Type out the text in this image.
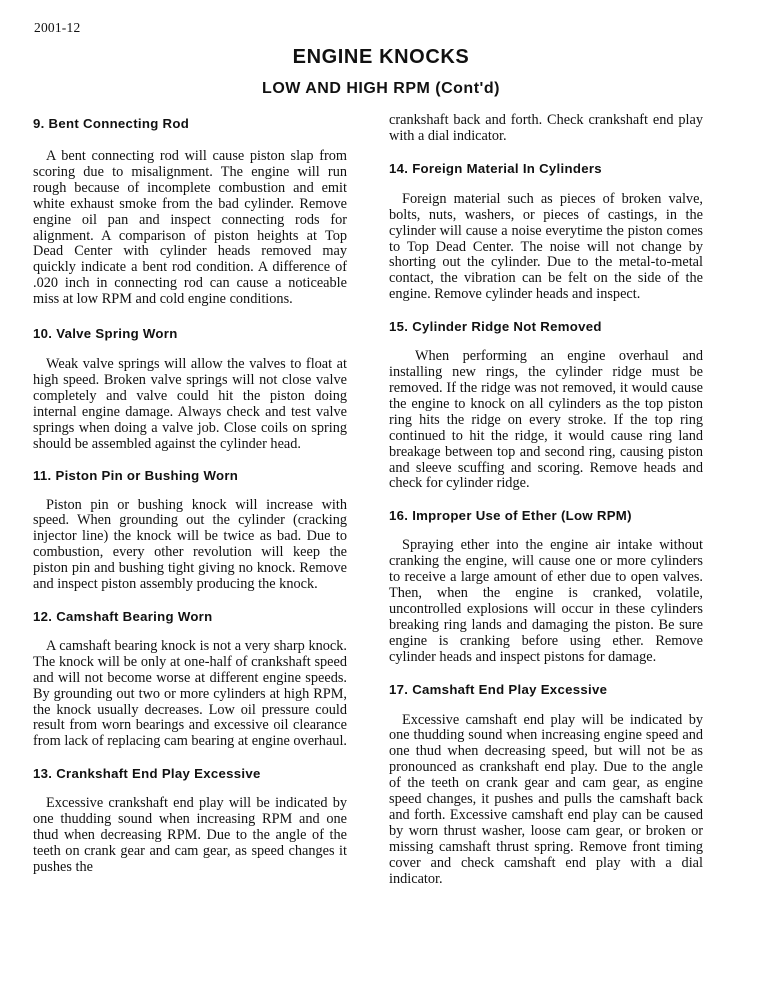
2001-12
ENGINE KNOCKS
LOW AND HIGH RPM (Cont'd)
9. Bent Connecting Rod
A bent connecting rod will cause piston slap from scoring due to misalignment. The engine will run rough because of incomplete combustion and emit white exhaust smoke from the bad cylinder. Remove engine oil pan and inspect connecting rods for alignment. A comparison of piston heights at Top Dead Center with cylinder heads removed may quickly indicate a bent rod condition. A difference of .020 inch in connecting rod can cause a noticeable miss at low RPM and cold engine conditions.
10. Valve Spring Worn
Weak valve springs will allow the valves to float at high speed. Broken valve springs will not close valve completely and valve could hit the piston doing internal engine damage. Always check and test valve springs when doing a valve job. Close coils on spring should be assembled against the cylinder head.
11. Piston Pin or Bushing Worn
Piston pin or bushing knock will increase with speed. When grounding out the cylinder (cracking injector line) the knock will be twice as bad. Due to combustion, every other revolution will keep the piston pin and bushing tight giving no knock. Remove and inspect piston assembly producing the knock.
12. Camshaft Bearing Worn
A camshaft bearing knock is not a very sharp knock. The knock will be only at one-half of crankshaft speed and will not become worse at different engine speeds. By grounding out two or more cylinders at high RPM, the knock usually decreases. Low oil pressure could result from worn bearings and excessive oil clearance from lack of replacing cam bearing at engine overhaul.
13. Crankshaft End Play Excessive
Excessive crankshaft end play will be indicated by one thudding sound when increasing RPM and one thud when decreasing RPM. Due to the angle of the teeth on crank gear and cam gear, as speed changes it pushes the
crankshaft back and forth. Check crankshaft end play with a dial indicator.
14. Foreign Material In Cylinders
Foreign material such as pieces of broken valve, bolts, nuts, washers, or pieces of castings, in the cylinder will cause a noise everytime the piston comes to Top Dead Center. The noise will not change by shorting out the cylinder. Due to the metal-to-metal contact, the vibration can be felt on the side of the engine. Remove cylinder heads and inspect.
15. Cylinder Ridge Not Removed
When performing an engine overhaul and installing new rings, the cylinder ridge must be removed. If the ridge was not removed, it would cause the engine to knock on all cylinders as the top piston ring hits the ridge on every stroke. If the top ring continued to hit the ridge, it would cause ring land breakage between top and second ring, causing piston and sleeve scuffing and scoring. Remove heads and check for cylinder ridge.
16. Improper Use of Ether (Low RPM)
Spraying ether into the engine air intake without cranking the engine, will cause one or more cylinders to receive a large amount of ether due to open valves. Then, when the engine is cranked, volatile, uncontrolled explosions will occur in these cylinders breaking ring lands and damaging the piston. Be sure engine is cranking before using ether. Remove cylinder heads and inspect pistons for damage.
17. Camshaft End Play Excessive
Excessive camshaft end play will be indicated by one thudding sound when increasing engine speed and one thud when decreasing speed, but will not be as pronounced as crankshaft end play. Due to the angle of the teeth on crank gear and cam gear, as engine speed changes, it pushes and pulls the camshaft back and forth. Excessive camshaft end play can be caused by worn thrust washer, loose cam gear, or broken or missing camshaft thrust spring. Remove front timing cover and check camshaft end play with a dial indicator.
